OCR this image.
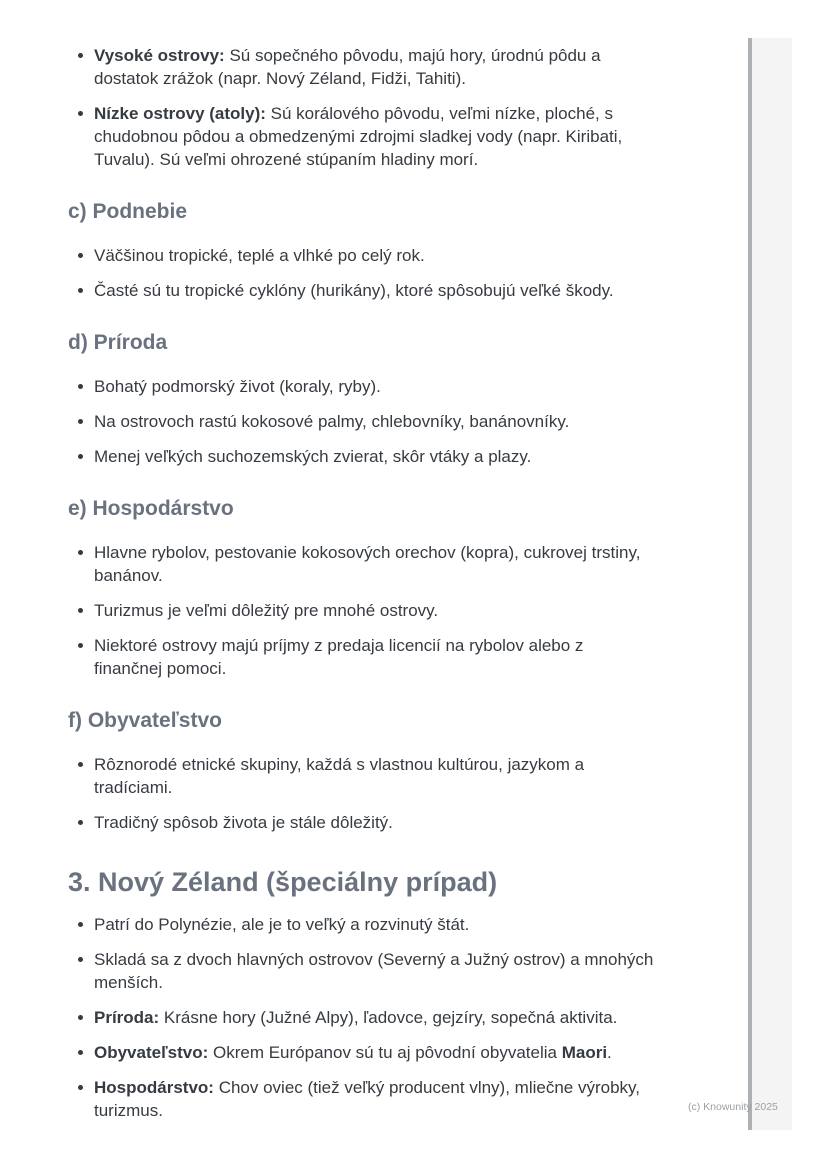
Vysoké ostrovy: Sú sopečného pôvodu, majú hory, úrodnú pôdu a
dostatok zrážok (napr. Nový Zéland, Fidži, Tahiti).
Nízke ostrovy (atoly): Sú korálového pôvodu, veľmi nízke, ploché, s
chudobnou pôdou a obmedzenými zdrojmi sladkej vody (napr. Kiribati,
Tuvalu). Sú veľmi ohrozené stúpaním hladiny morí.
c) Podnebie
Väčšinou tropické, teplé a vlhké po celý rok.
Časté sú tu tropické cyklóny (hurikány), ktoré spôsobujú veľké škody.
d) Príroda
Bohatý podmorský život (koraly, ryby).
Na ostrovoch rastú kokosové palmy, chlebovníky, banánovníky.
Menej veľkých suchozemských zvierat, skôr vtáky a plazy.
e) Hospodárstvo
Hlavne rybolov, pestovanie kokosových orechov (kopra), cukrovej trstiny,
banánov.
Turizmus je veľmi dôležitý pre mnohé ostrovy.
Niektoré ostrovy majú príjmy z predaja licencií na rybolov alebo z
finančnej pomoci.
f) Obyvateľstvo
Rôznorodé etnické skupiny, každá s vlastnou kultúrou, jazykom a
tradíciami.
Tradičný spôsob života je stále dôležitý.
3. Nový Zéland (špeciálny prípad)
Patrí do Polynézie, ale je to veľký a rozvinutý štát.
Skladá sa z dvoch hlavných ostrovov (Severný a Južný ostrov) a mnohých
menších.
Príroda: Krásne hory (Južné Alpy), ľadovce, gejzíry, sopečná aktivita.
Obyvateľstvo: Okrem Európanov sú tu aj pôvodní obyvatelia Maori.
Hospodárstvo: Chov oviec (tiež veľký producent vlny), mliečne výrobky,
turizmus.	(c) Knowunity 2025
